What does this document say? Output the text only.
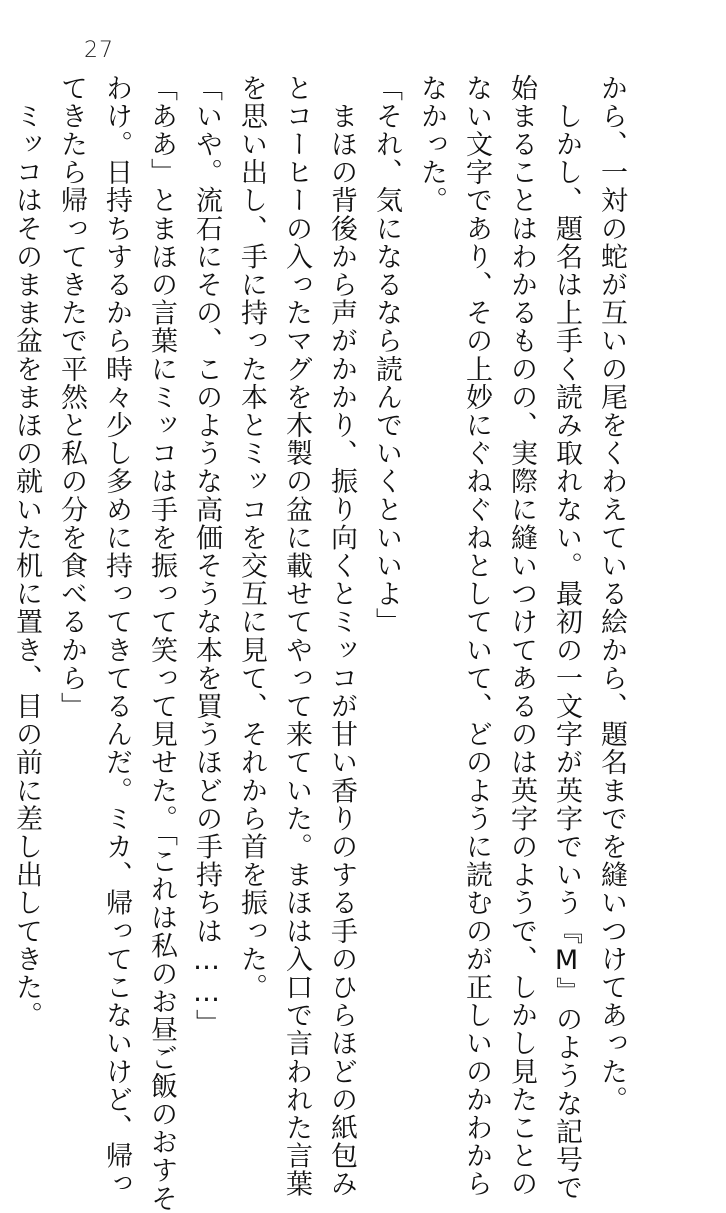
27
から、一対の蛇が互いの尾をくわえている絵から、題名までを縫いつけてあった。
　しかし、題名は上手く読み取れない。最初の一文字が英字でいう『M』のような記号で
始まることはわかるものの、実際に縫いつけてあるのは英字のようで、しかし見たことの
ない文字であり、その上妙にぐねぐねとしていて、どのように読むのが正しいのかわから
なかった。
「それ、気になるなら読んでいくといいよ」
　まほの背後から声がかかり、振り向くとミッコが甘い香りのする手のひらほどの紙包み
とコーヒーの入ったマグを木製の盆に載せてやって来ていた。まほは入口で言われた言葉
を思い出し、手に持った本とミッコを交互に見て、それから首を振った。
「いや。流石にその、このような高価そうな本を買うほどの手持ちは……」
「ああ」とまほの言葉にミッコは手を振って笑って見せた。「これは私のお昼ご飯のおすそ
わけ。日持ちするから時々少し多めに持ってきてるんだ。ミカ、帰ってこないけど、帰っ
てきたら帰ってきたで平然と私の分を食べるから」
　ミッコはそのまま盆をまほの就いた机に置き、目の前に差し出してきた。
